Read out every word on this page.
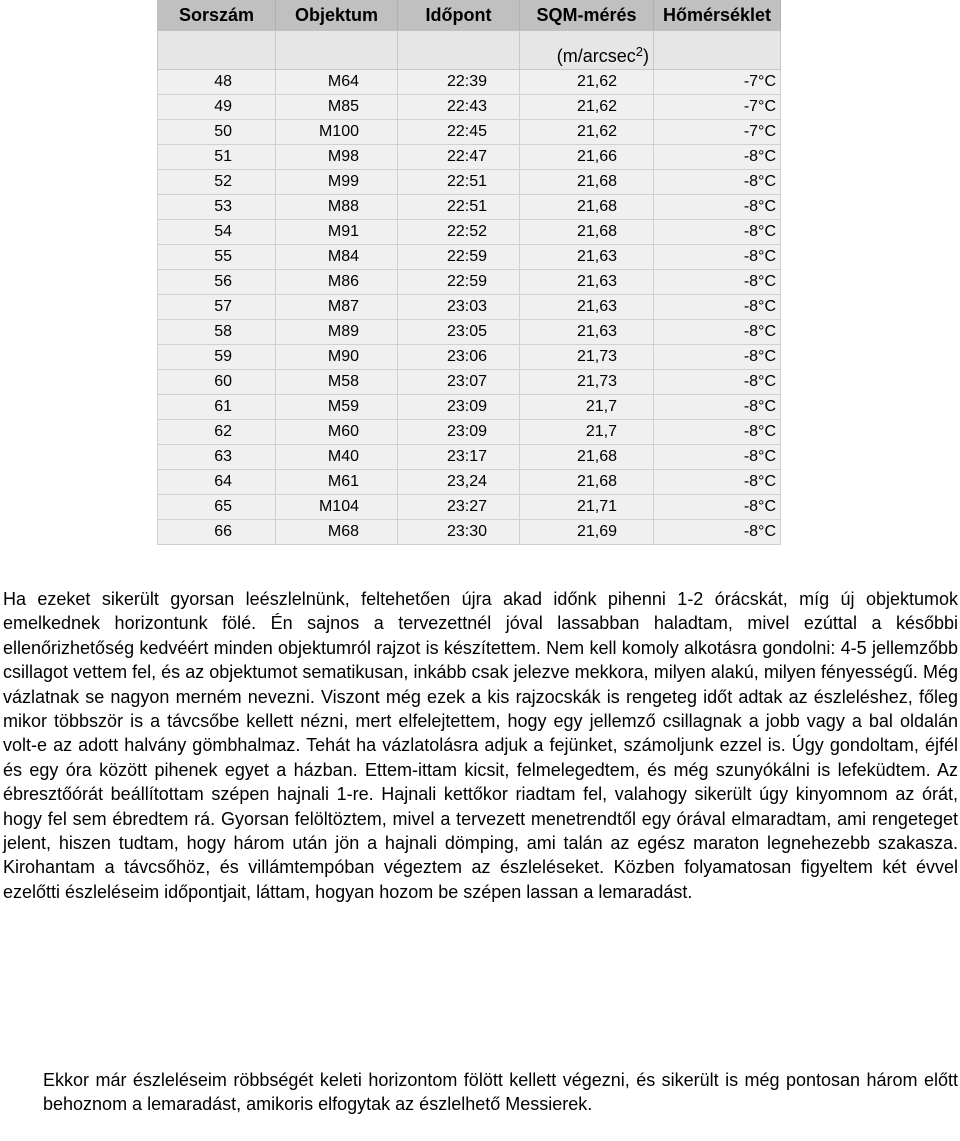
Sorszám	Objektum	Időpont	SQM-mérés	Hőmérséklet
			(m/arcsec$^2$)	
48	M64	22:39	21,62	-7°C
49	M85	22:43	21,62	-7°C
50	M100	22:45	21,62	-7°C
51	M98	22:47	21,66	-8°C
52	M99	22:51	21,68	-8°C
53	M88	22:51	21,68	-8°C
54	M91	22:52	21,68	-8°C
55	M84	22:59	21,63	-8°C
56	M86	22:59	21,63	-8°C
57	M87	23:03	21,63	-8°C
58	M89	23:05	21,63	-8°C
59	M90	23:06	21,73	-8°C
60	M58	23:07	21,73	-8°C
61	M59	23:09	21,7	-8°C
62	M60	23:09	21,7	-8°C
63	M40	23:17	21,68	-8°C
64	M61	23,24	21,68	-8°C
65	M104	23:27	21,71	-8°C
66	M68	23:30	21,69	-8°C

Ha ezeket sikerült gyorsan leészlelnünk, feltehetően újra akad időnk pihenni 1-2 órácskát, míg új objektumok emelkednek horizontunk fölé. Én sajnos a tervezettnél jóval lassabban haladtam, mivel ezúttal a későbbi ellenőrizhetőség kedvéért minden objektumról rajzot is készítettem. Nem kell komoly alkotásra gondolni: 4-5 jellemzőbb csillagot vettem fel, és az objektumot sematikusan, inkább csak jelezve mekkora, milyen alakú, milyen fényességű. Még vázlatnak se nagyon merném nevezni. Viszont még ezek a kis rajzocskák is rengeteg időt adtak az észleléshez, főleg mikor többször is a távcsőbe kellett nézni, mert elfelejtettem, hogy egy jellemző csillagnak a jobb vagy a bal oldalán volt-e az adott halvány gömbhalmaz. Tehát ha vázlatolásra adjuk a fejünket, számoljunk ezzel is. Úgy gondoltam, éjfél és egy óra között pihenek egyet a házban. Ettem-ittam kicsit, felmelegedtem, és még szunyókálni is lefeküdtem. Az ébresztőórát beállítottam szépen hajnali 1-re. Hajnali kettőkor riadtam fel, valahogy sikerült úgy kinyomnom az órát, hogy fel sem ébredtem rá. Gyorsan felöltöztem, mivel a tervezett menetrendtől egy órával elmaradtam, ami rengeteget jelent, hiszen tudtam, hogy három után jön a hajnali dömping, ami talán az egész maraton legnehezebb szakasza. Kirohantam a távcsőhöz, és villámtempóban végeztem az észleléseket. Közben folyamatosan figyeltem két évvel ezelőtti észleléseim időpontjait, láttam, hogyan hozom be szépen lassan a lemaradást.

Ekkor már észleléseim röbbségét keleti horizontom fölött kellett végezni, és sikerült is még pontosan három előtt behoznom a lemaradást, amikoris elfogytak az észlelhető Messierek.
